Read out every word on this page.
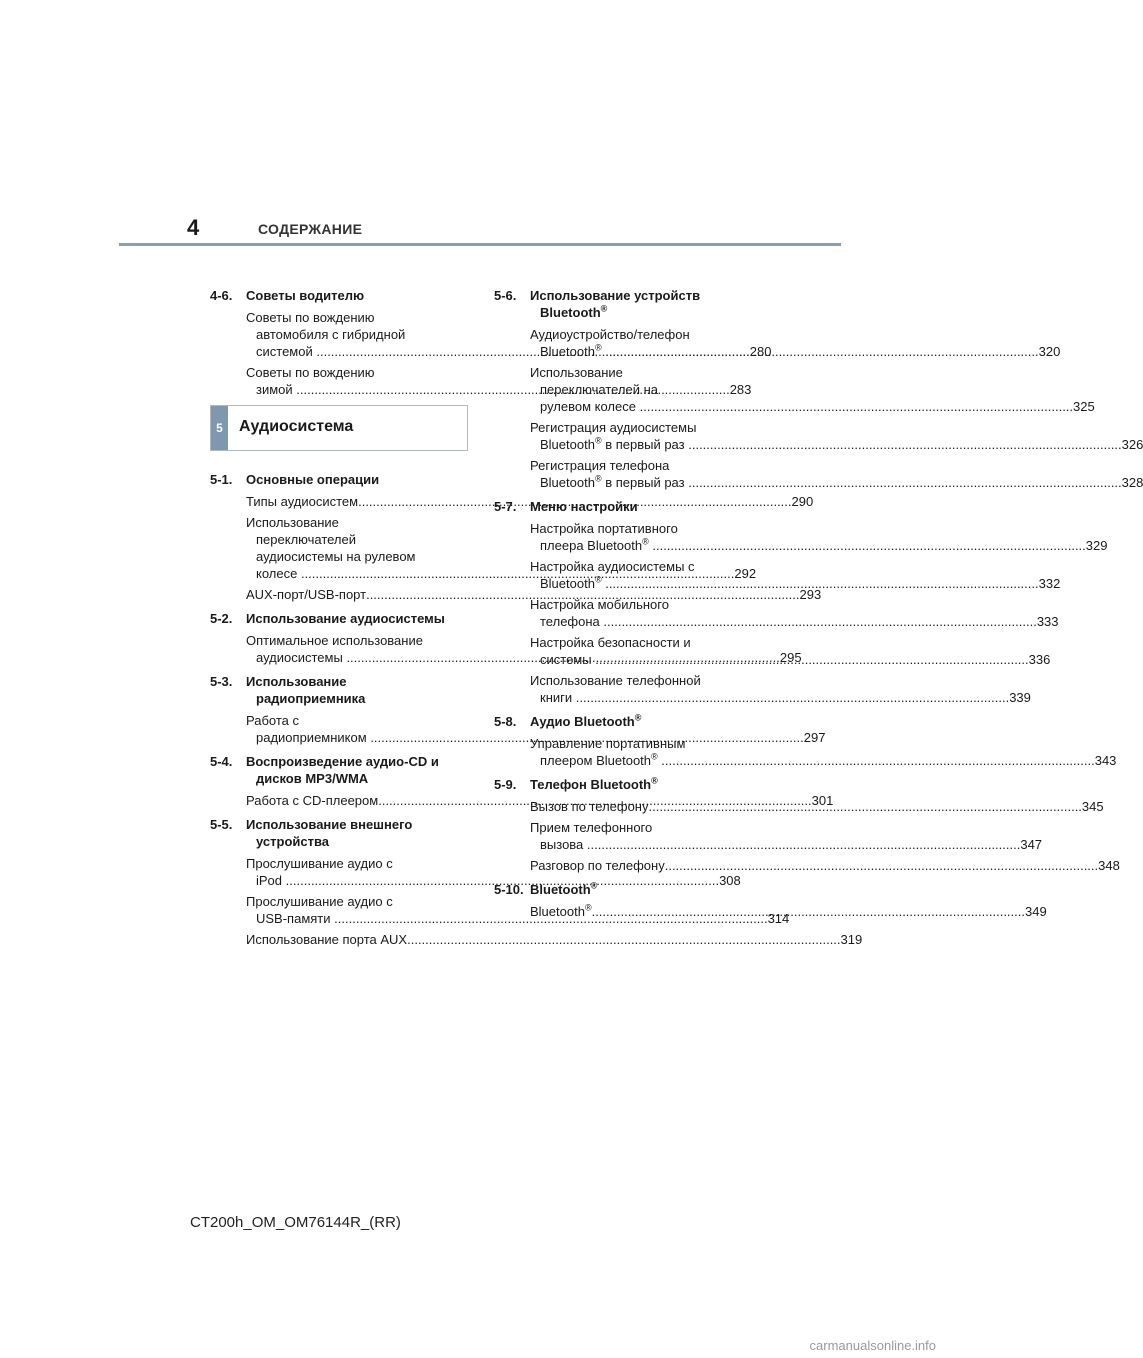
4	СОДЕРЖАНИЕ
4-6.	Советы водителю
Советы по вождению
автомобиля с гибридной
системой .....	280
Советы по вождению
зимой .....	283
5	Аудиосистема
5-1.	Основные операции
Типы аудиосистем .....	290
Использование
переключателей
аудиосистемы на рулевом
колесе .....	292
AUX-порт/USB-порт .....	293
5-2.	Использование аудиосистемы
Оптимальное использование
аудиосистемы .....	295
5-3.	Использование
радиоприемника
Работа с
радиоприемником .....	297
5-4.	Воспроизведение аудио-CD и
дисков MP3/WMA
Работа с CD-плеером .....	301
5-5.	Использование внешнего
устройства
Прослушивание аудио с
iPod .....	308
Прослушивание аудио с
USB-памяти .....	314
Использование порта AUX .....	319
5-6.	Использование устройств
Bluetooth®
Аудиоустройство/телефон
Bluetooth® .....	320
Использование
переключателей на
рулевом колесе .....	325
Регистрация аудиосистемы
Bluetooth® в первый раз .....	326
Регистрация телефона
Bluetooth® в первый раз .....	328
5-7.	Меню настройки
Настройка портативного
плеера Bluetooth® .....	329
Настройка аудиосистемы с
Bluetooth® .....	332
Настройка мобильного
телефона .....	333
Настройка безопасности и
системы .....	336
Использование телефонной
книги .....	339
5-8.	Аудио Bluetooth®
Управление портативным
плеером Bluetooth® .....	343
5-9.	Телефон Bluetooth®
Вызов по телефону .....	345
Прием телефонного
вызова .....	347
Разговор по телефону .....	348
5-10. Bluetooth®
Bluetooth® .....	349
CT200h_OM_OM76144R_(RR)
carmanualsonline.info
